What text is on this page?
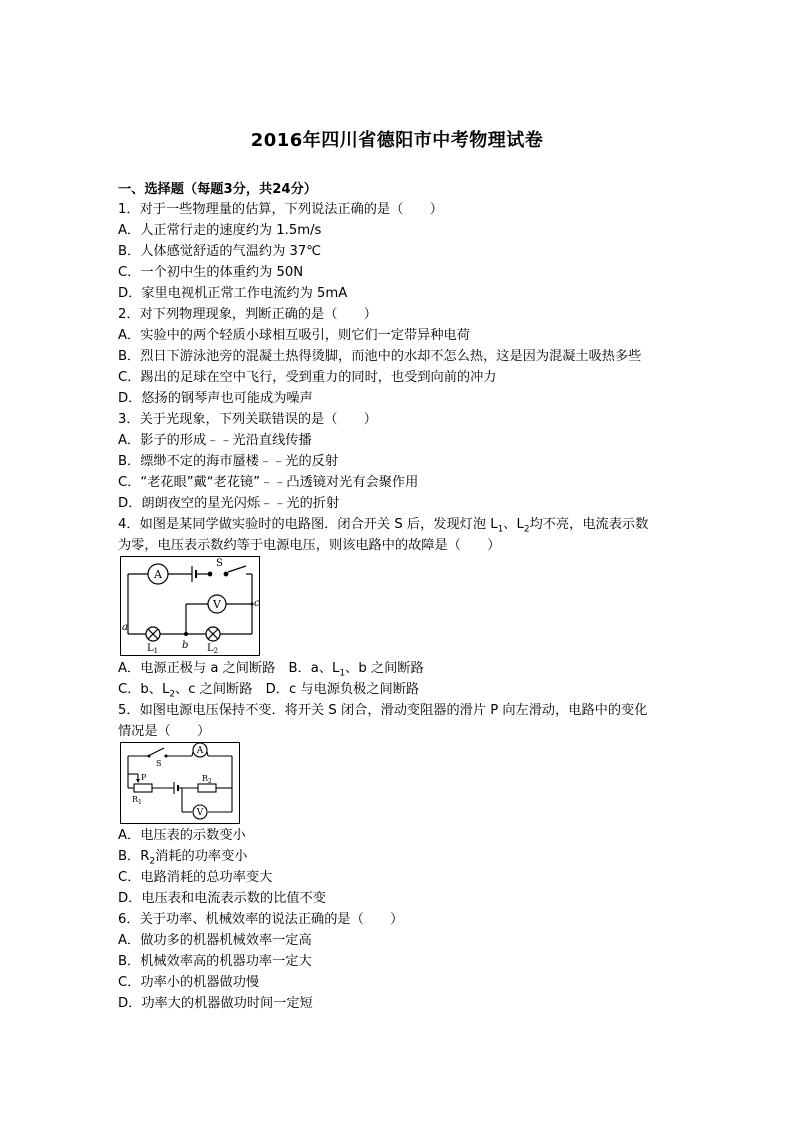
2016年四川省德阳市中考物理试卷
一、选择题（每题3分，共24分）
1．对于一些物理量的估算，下列说法正确的是（　　）
A．人正常行走的速度约为 1.5m/s
B．人体感觉舒适的气温约为 37℃
C．一个初中生的体重约为 50N
D．家里电视机正常工作电流约为 5mA
2．对下列物理现象，判断正确的是（　　）
A．实验中的两个轻质小球相互吸引，则它们一定带异种电荷
B．烈日下游泳池旁的混凝土热得烫脚，而池中的水却不怎么热，这是因为混凝土吸热多些
C．踢出的足球在空中飞行，受到重力的同时，也受到向前的冲力
D．悠扬的钢琴声也可能成为噪声
3．关于光现象，下列关联错误的是（　　）
A．影子的形成﹣﹣光沿直线传播
B．缥缈不定的海市蜃楼﹣﹣光的反射
C．“老花眼”戴“老花镜”﹣﹣凸透镜对光有会聚作用
D．朗朗夜空的星光闪烁﹣﹣光的折射
4．如图是某同学做实验时的电路图．闭合开关 S 后，发现灯泡 $L_1$、$L_2$均不亮，电流表示数
为零，电压表示数约等于电源电压，则该电路中的故障是（　　）
A
V
S
a
b
c
$L_1$	$L_2$
A．电源正极与 a 之间断路　B．a、$L_1$、b 之间断路
C．b、$L_2$、c 之间断路　D．c 与电源负极之间断路
5．如图电源电压保持不变．将开关 S 闭合，滑动变阻器的滑片 P 向左滑动，电路中的变化
情况是（　　）
A
V
S
P
$R_1$
$R_2$
A．电压表的示数变小
B．$R_2$消耗的功率变小
C．电路消耗的总功率变大
D．电压表和电流表示数的比值不变
6．关于功率、机械效率的说法正确的是（　　）
A．做功多的机器机械效率一定高
B．机械效率高的机器功率一定大
C．功率小的机器做功慢
D．功率大的机器做功时间一定短
